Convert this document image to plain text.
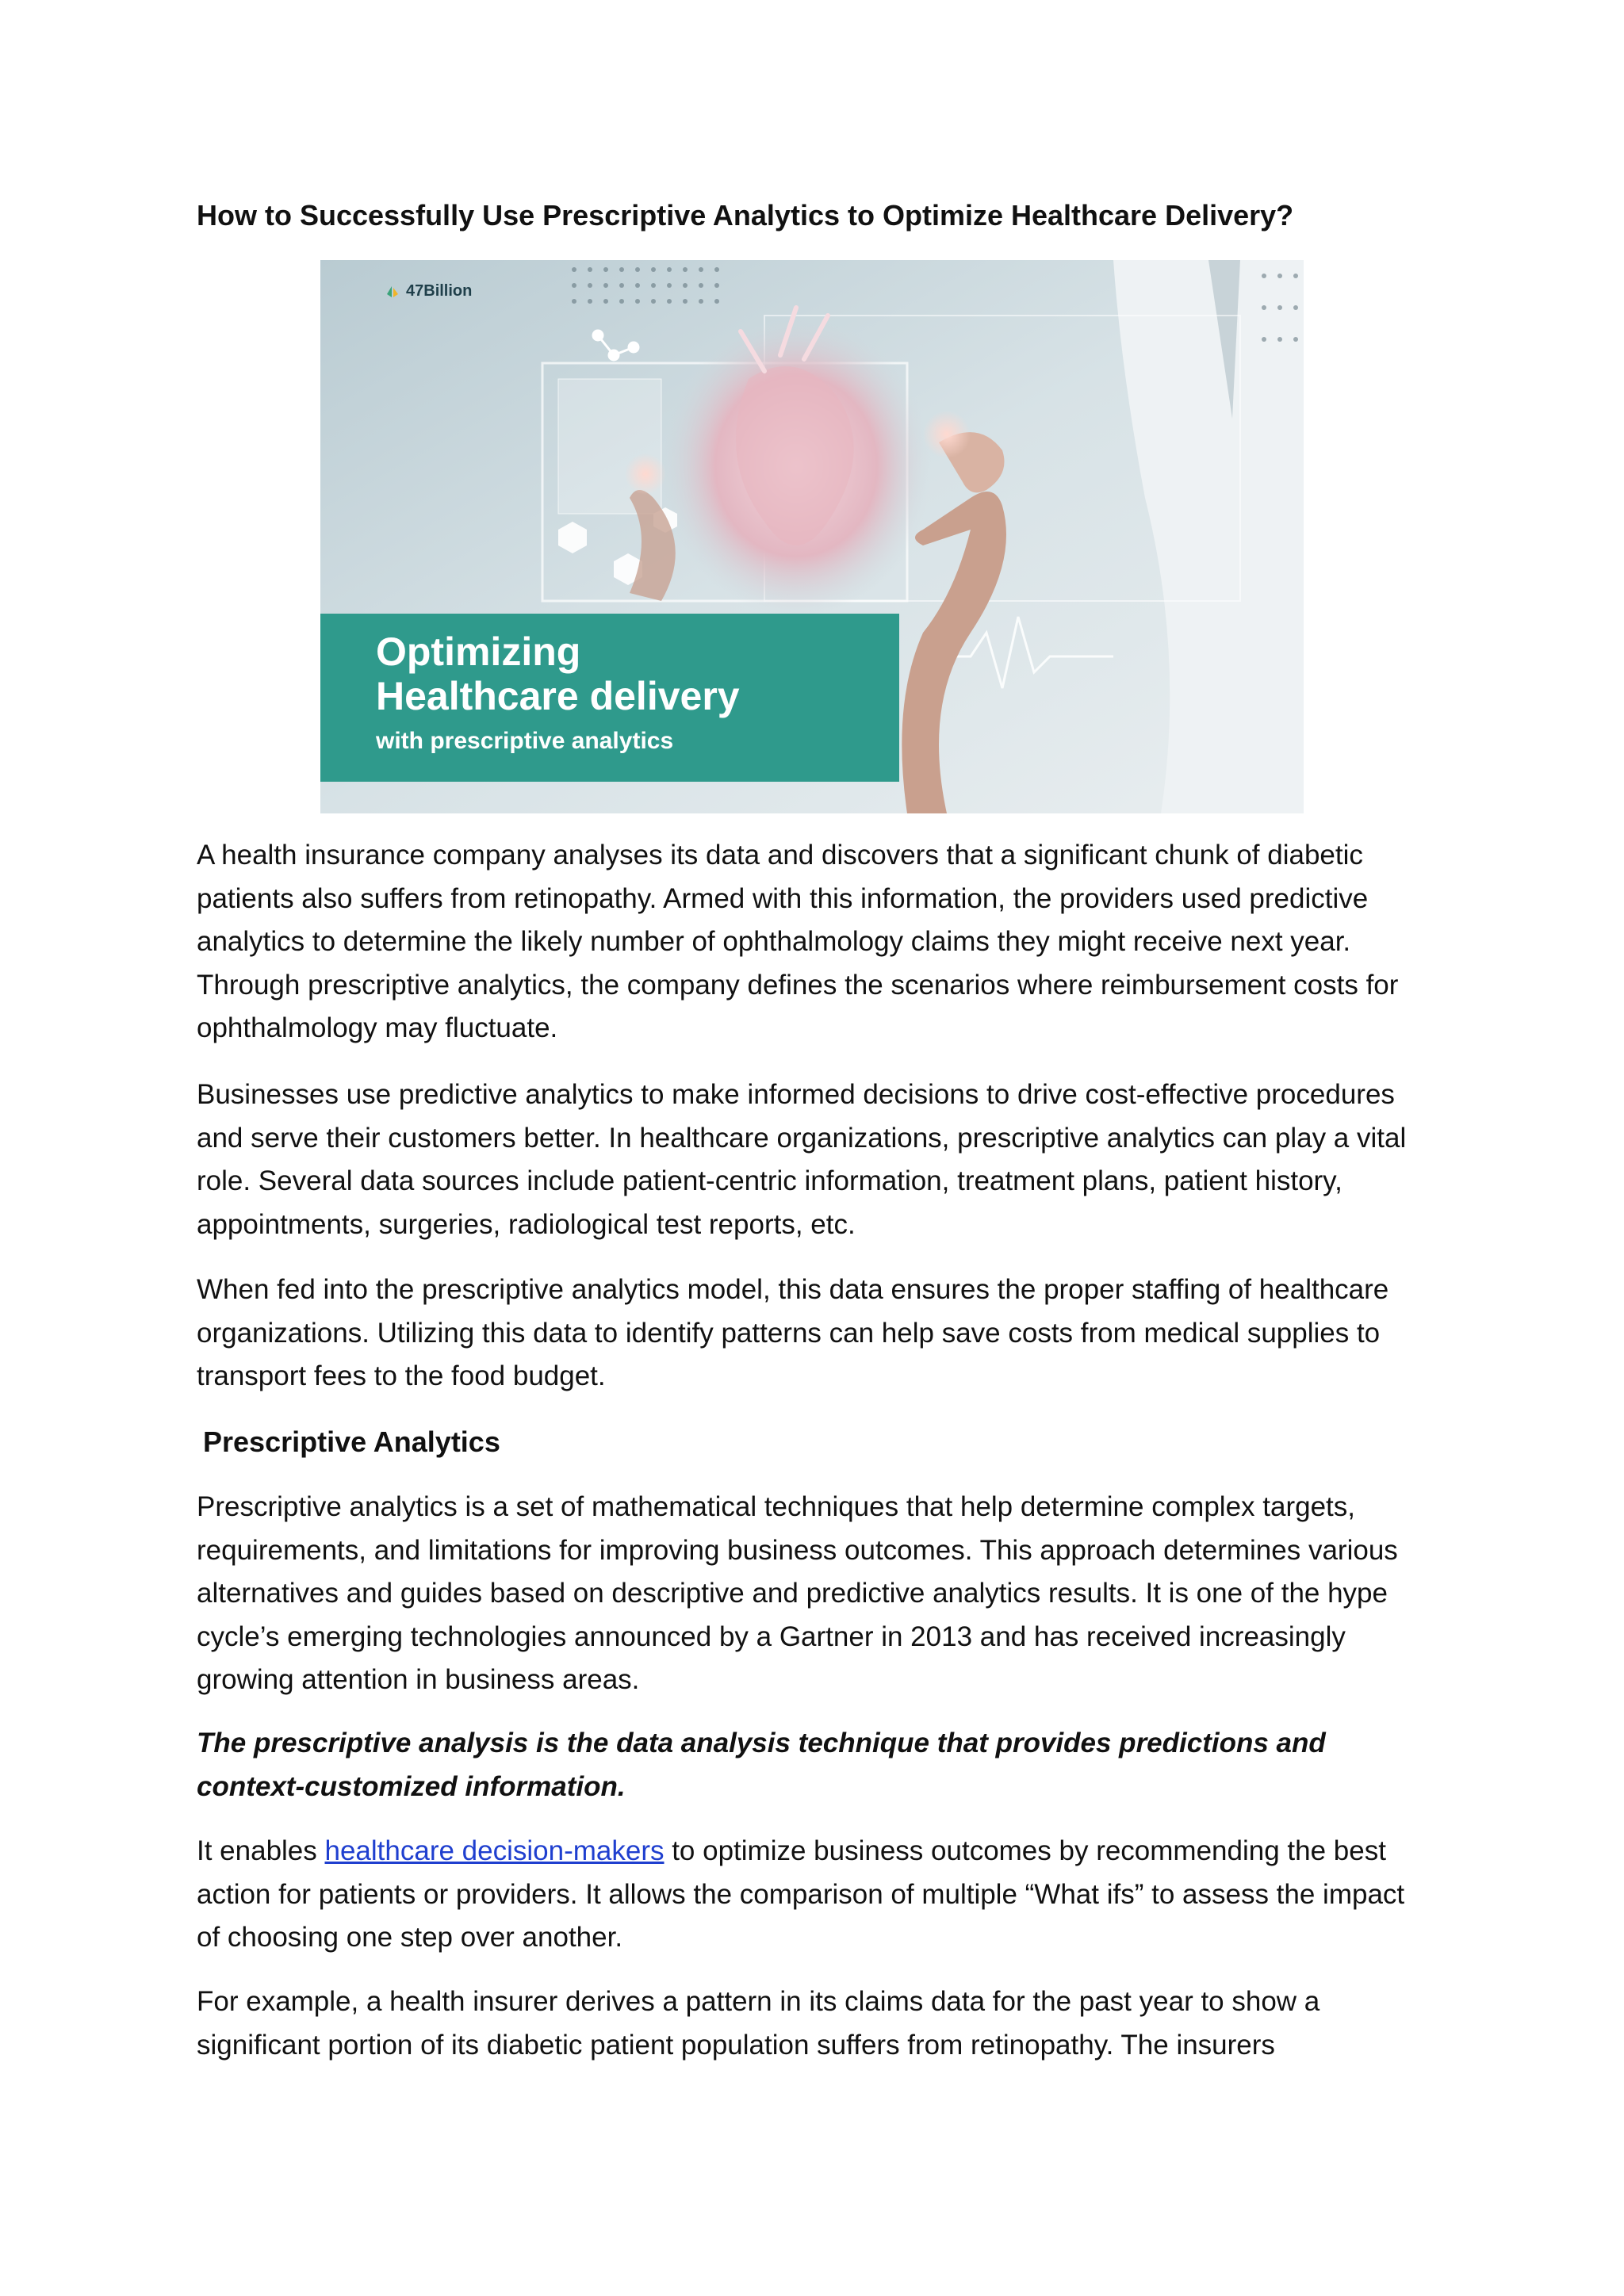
How to Successfully Use Prescriptive Analytics to Optimize Healthcare Delivery?
47Billion
Optimizing
Healthcare delivery
with prescriptive analytics

A health insurance company analyses its data and discovers that a significant chunk of diabetic patients also suffers from retinopathy. Armed with this information, the providers used predictive analytics to determine the likely number of ophthalmology claims they might receive next year. Through prescriptive analytics, the company defines the scenarios where reimbursement costs for ophthalmology may fluctuate.

Businesses use predictive analytics to make informed decisions to drive cost-effective procedures and serve their customers better. In healthcare organizations, prescriptive analytics can play a vital role. Several data sources include patient-centric information, treatment plans, patient history, appointments, surgeries, radiological test reports, etc.

When fed into the prescriptive analytics model, this data ensures the proper staffing of healthcare organizations. Utilizing this data to identify patterns can help save costs from medical supplies to transport fees to the food budget.

Prescriptive Analytics

Prescriptive analytics is a set of mathematical techniques that help determine complex targets, requirements, and limitations for improving business outcomes. This approach determines various alternatives and guides based on descriptive and predictive analytics results. It is one of the hype cycle’s emerging technologies announced by a Gartner in 2013 and has received increasingly growing attention in business areas.

The prescriptive analysis is the data analysis technique that provides predictions and context-customized information.

It enables healthcare decision-makers to optimize business outcomes by recommending the best action for patients or providers. It allows the comparison of multiple “What ifs” to assess the impact of choosing one step over another.

For example, a health insurer derives a pattern in its claims data for the past year to show a significant portion of its diabetic patient population suffers from retinopathy. The insurers
